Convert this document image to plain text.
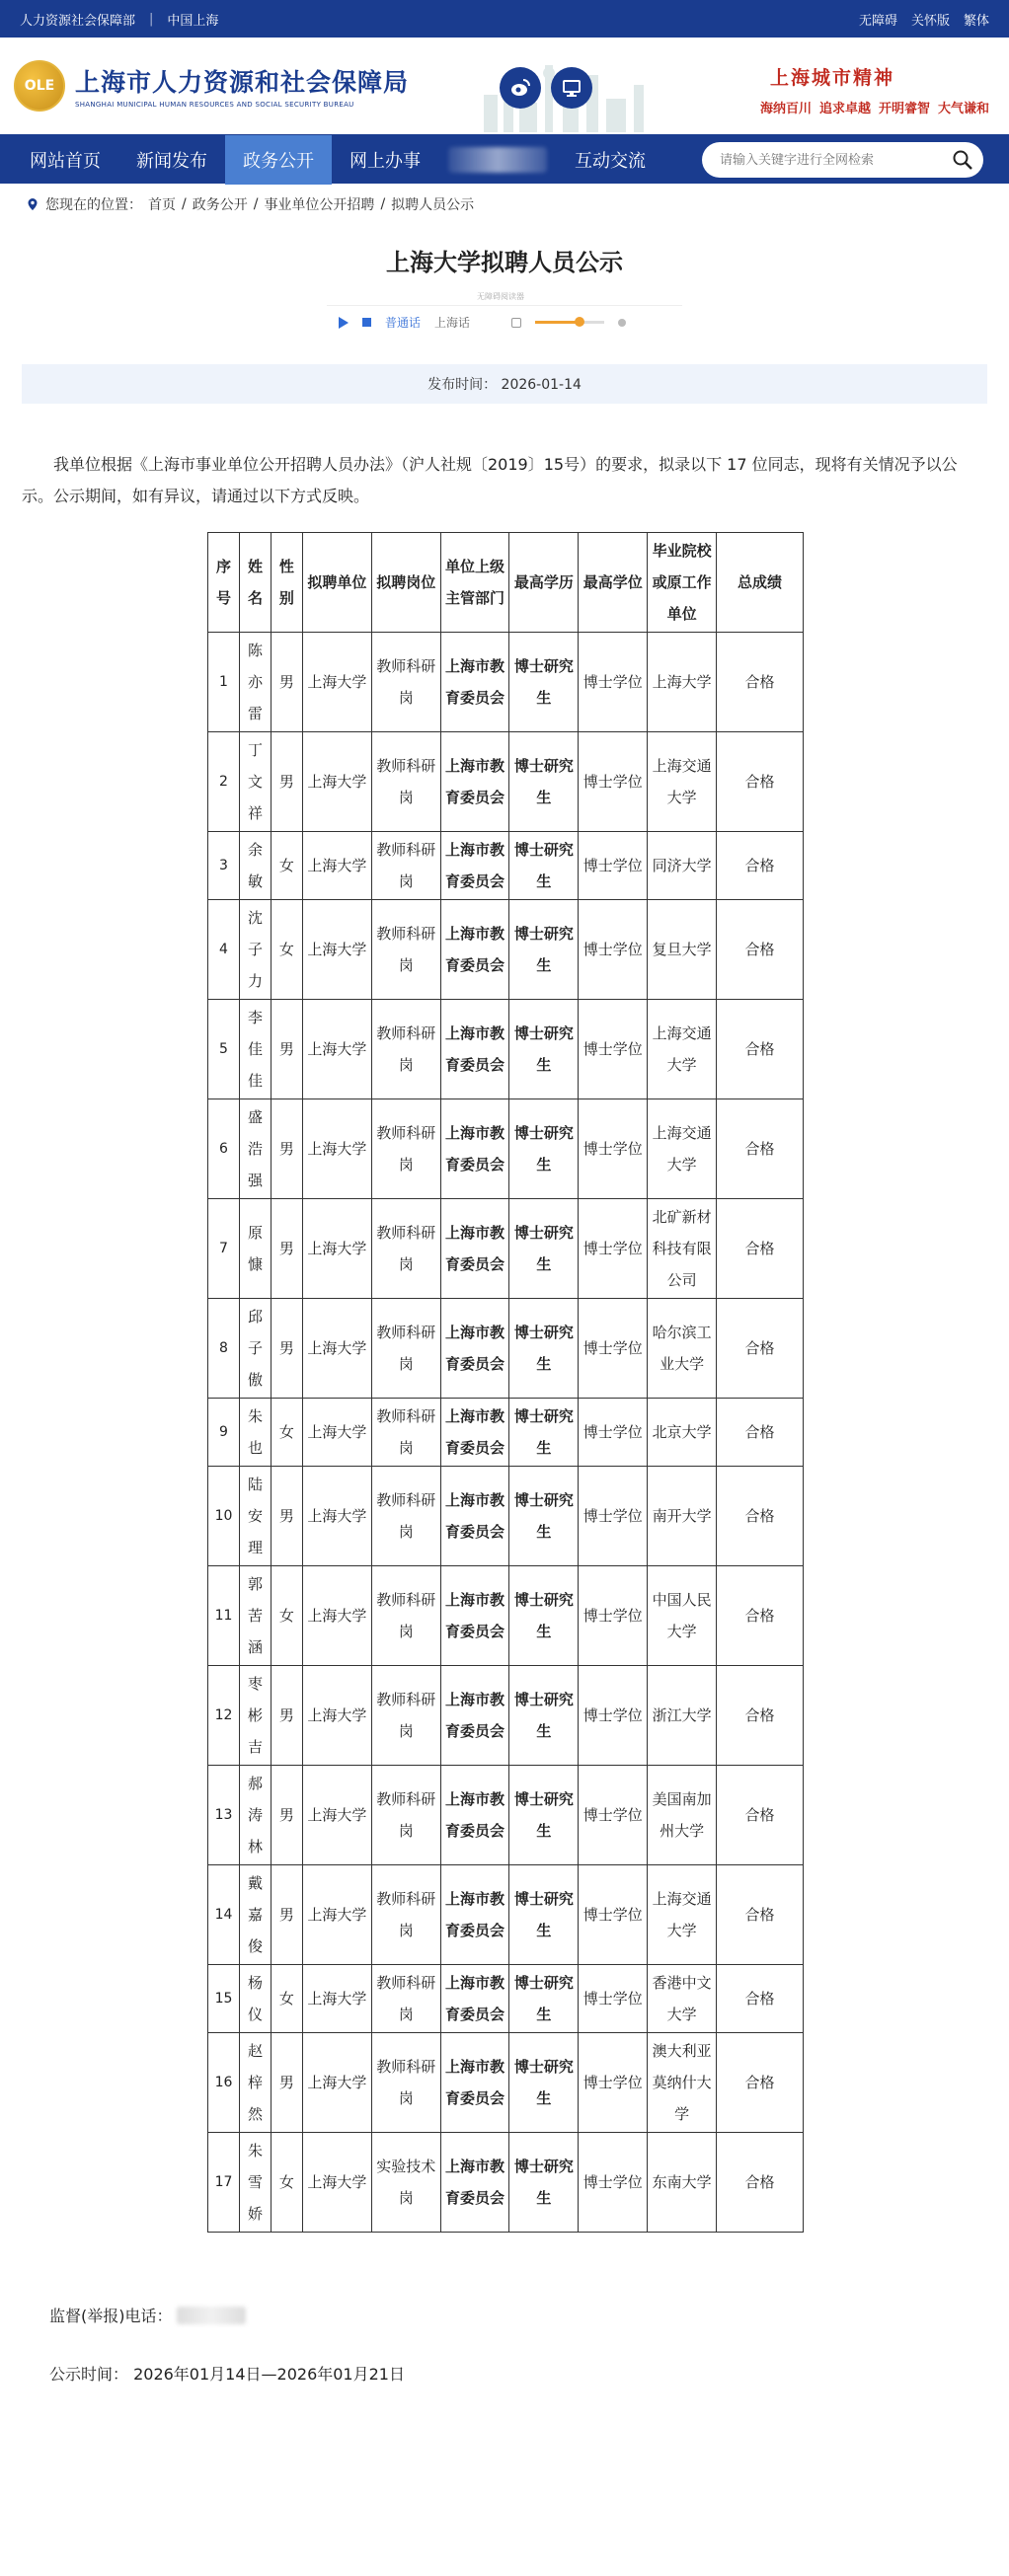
人力资源社会保障部 | 中国上海	无障碍 关怀版 繁体
OLE 上海市人力资源和社会保障局
SHANGHAI MUNICIPAL HUMAN RESOURCES AND SOCIAL SECURITY BUREAU
上海城市精神
海纳百川 追求卓越 开明睿智 大气谦和
网站首页	新闻发布	政务公开	网上办事	互动交流
请输入关键字进行全网检索
您现在的位置： 首页 / 政务公开 / 事业单位公开招聘 / 拟聘人员公示
上海大学拟聘人员公示
无障碍阅读器
普通话 上海话
发布时间： 2026-01-14

我单位根据《上海市事业单位公开招聘人员办法》（沪人社规〔2019〕15号）的要求，拟录以下 17 位同志，现将有关情况予以公示。公示期间，如有异议，请通过以下方式反映。

序号	姓名	性别	拟聘单位	拟聘岗位	单位上级主管部门	最高学历	最高学位	毕业院校或原工作单位	总成绩
1	陈亦雷	男	上海大学	教师科研岗	上海市教育委员会	博士研究生	博士学位	上海大学	合格
2	丁文祥	男	上海大学	教师科研岗	上海市教育委员会	博士研究生	博士学位	上海交通大学	合格
3	余敏	女	上海大学	教师科研岗	上海市教育委员会	博士研究生	博士学位	同济大学	合格
4	沈子力	女	上海大学	教师科研岗	上海市教育委员会	博士研究生	博士学位	复旦大学	合格
5	李佳佳	男	上海大学	教师科研岗	上海市教育委员会	博士研究生	博士学位	上海交通大学	合格
6	盛浩强	男	上海大学	教师科研岗	上海市教育委员会	博士研究生	博士学位	上海交通大学	合格
7	原慷	男	上海大学	教师科研岗	上海市教育委员会	博士研究生	博士学位	北矿新材科技有限公司	合格
8	邱子傲	男	上海大学	教师科研岗	上海市教育委员会	博士研究生	博士学位	哈尔滨工业大学	合格
9	朱也	女	上海大学	教师科研岗	上海市教育委员会	博士研究生	博士学位	北京大学	合格
10	陆安理	男	上海大学	教师科研岗	上海市教育委员会	博士研究生	博士学位	南开大学	合格
11	郭苦涵	女	上海大学	教师科研岗	上海市教育委员会	博士研究生	博士学位	中国人民大学	合格
12	枣彬吉	男	上海大学	教师科研岗	上海市教育委员会	博士研究生	博士学位	浙江大学	合格
13	郝涛林	男	上海大学	教师科研岗	上海市教育委员会	博士研究生	博士学位	美国南加州大学	合格
14	戴嘉俊	男	上海大学	教师科研岗	上海市教育委员会	博士研究生	博士学位	上海交通大学	合格
15	杨仪	女	上海大学	教师科研岗	上海市教育委员会	博士研究生	博士学位	香港中文大学	合格
16	赵梓然	男	上海大学	教师科研岗	上海市教育委员会	博士研究生	博士学位	澳大利亚莫纳什大学	合格
17	朱雪娇	女	上海大学	实验技术岗	上海市教育委员会	博士研究生	博士学位	东南大学	合格
监督(举报)电话：
公示时间： 2026年01月14日—2026年01月21日
